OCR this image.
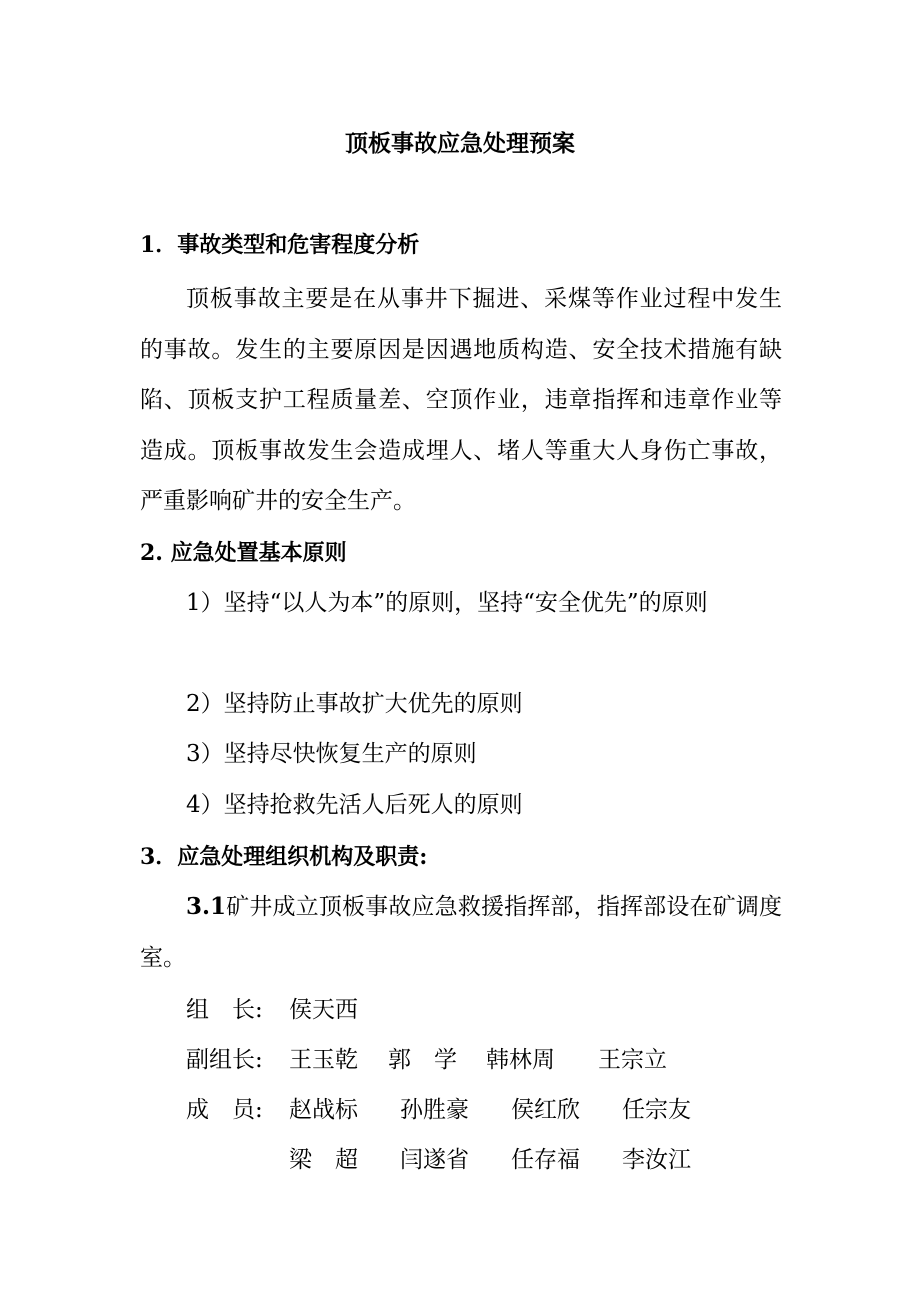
顶板事故应急处理预案
1．事故类型和危害程度分析
顶板事故主要是在从事井下掘进、采煤等作业过程中发生的事故。发生的主要原因是因遇地质构造、安全技术措施有缺陷、顶板支护工程质量差、空顶作业，违章指挥和违章作业等造成。顶板事故发生会造成埋人、堵人等重大人身伤亡事故，严重影响矿井的安全生产。
2. 应急处置基本原则
1）坚持“以人为本”的原则，坚持“安全优先”的原则
2）坚持防止事故扩大优先的原则
3）坚持尽快恢复生产的原则
4）坚持抢救先活人后死人的原则
3．应急处理组织机构及职责:
3.1矿井成立顶板事故应急救援指挥部，指挥部设在矿调度室。
组　长: 侯天西
副组长: 王玉乾 郭　学 韩林周 王宗立
成　员: 赵战标 孙胜豪 侯红欣 任宗友
梁　超 闫遂省 任存福 李汝江
